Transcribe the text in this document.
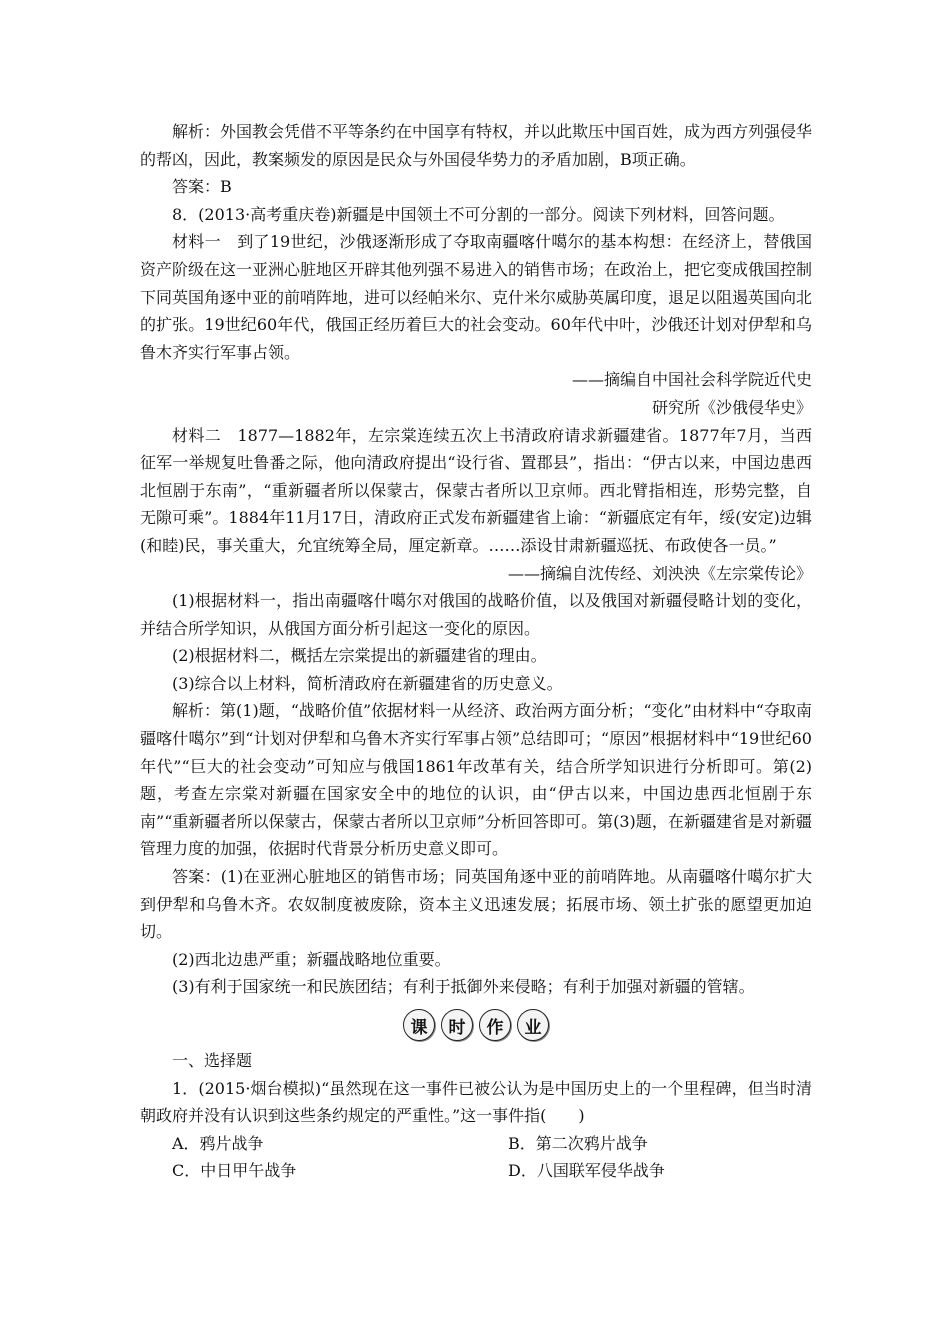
解析：外国教会凭借不平等条约在中国享有特权，并以此欺压中国百姓，成为西方列强侵华的帮凶，因此，教案频发的原因是民众与外国侵华势力的矛盾加剧，B项正确。

答案：B

8．(2013·高考重庆卷)新疆是中国领土不可分割的一部分。阅读下列材料，回答问题。

材料一　到了19世纪，沙俄逐渐形成了夺取南疆喀什噶尔的基本构想：在经济上，替俄国资产阶级在这一亚洲心脏地区开辟其他列强不易进入的销售市场；在政治上，把它变成俄国控制下同英国角逐中亚的前哨阵地，进可以经帕米尔、克什米尔威胁英属印度，退足以阻遏英国向北的扩张。19世纪60年代，俄国正经历着巨大的社会变动。60年代中叶，沙俄还计划对伊犁和乌鲁木齐实行军事占领。

——摘编自中国社会科学院近代史

研究所《沙俄侵华史》

材料二　1877—1882年，左宗棠连续五次上书清政府请求新疆建省。1877年7月，当西征军一举规复吐鲁番之际，他向清政府提出“设行省、置郡县”，指出：“伊古以来，中国边患西北恒剧于东南”，“重新疆者所以保蒙古，保蒙古者所以卫京师。西北臂指相连，形势完整，自无隙可乘”。1884年11月17日，清政府正式发布新疆建省上谕：“新疆底定有年，绥(安定)边辑(和睦)民，事关重大，允宜统筹全局，厘定新章。……添设甘肃新疆巡抚、布政使各一员。”

——摘编自沈传经、刘泱泱《左宗棠传论》

(1)根据材料一，指出南疆喀什噶尔对俄国的战略价值，以及俄国对新疆侵略计划的变化，并结合所学知识，从俄国方面分析引起这一变化的原因。

(2)根据材料二，概括左宗棠提出的新疆建省的理由。

(3)综合以上材料，简析清政府在新疆建省的历史意义。

解析：第(1)题，“战略价值”依据材料一从经济、政治两方面分析；“变化”由材料中“夺取南疆喀什噶尔”到“计划对伊犁和乌鲁木齐实行军事占领”总结即可；“原因”根据材料中“19世纪60年代”“巨大的社会变动”可知应与俄国1861年改革有关，结合所学知识进行分析即可。第(2)题，考查左宗棠对新疆在国家安全中的地位的认识，由“伊古以来，中国边患西北恒剧于东南”“重新疆者所以保蒙古，保蒙古者所以卫京师”分析回答即可。第(3)题，在新疆建省是对新疆管理力度的加强，依据时代背景分析历史意义即可。

答案：(1)在亚洲心脏地区的销售市场；同英国角逐中亚的前哨阵地。从南疆喀什噶尔扩大到伊犁和乌鲁木齐。农奴制度被废除，资本主义迅速发展；拓展市场、领土扩张的愿望更加迫切。

(2)西北边患严重；新疆战略地位重要。

(3)有利于国家统一和民族团结；有利于抵御外来侵略；有利于加强对新疆的管辖。

课	时	作	业

一、选择题

1．(2015·烟台模拟)“虽然现在这一事件已被公认为是中国历史上的一个里程碑，但当时清朝政府并没有认识到这些条约规定的严重性。”这一事件指(　　)

A．鸦片战争	B．第二次鸦片战争

C．中日甲午战争	D．八国联军侵华战争
